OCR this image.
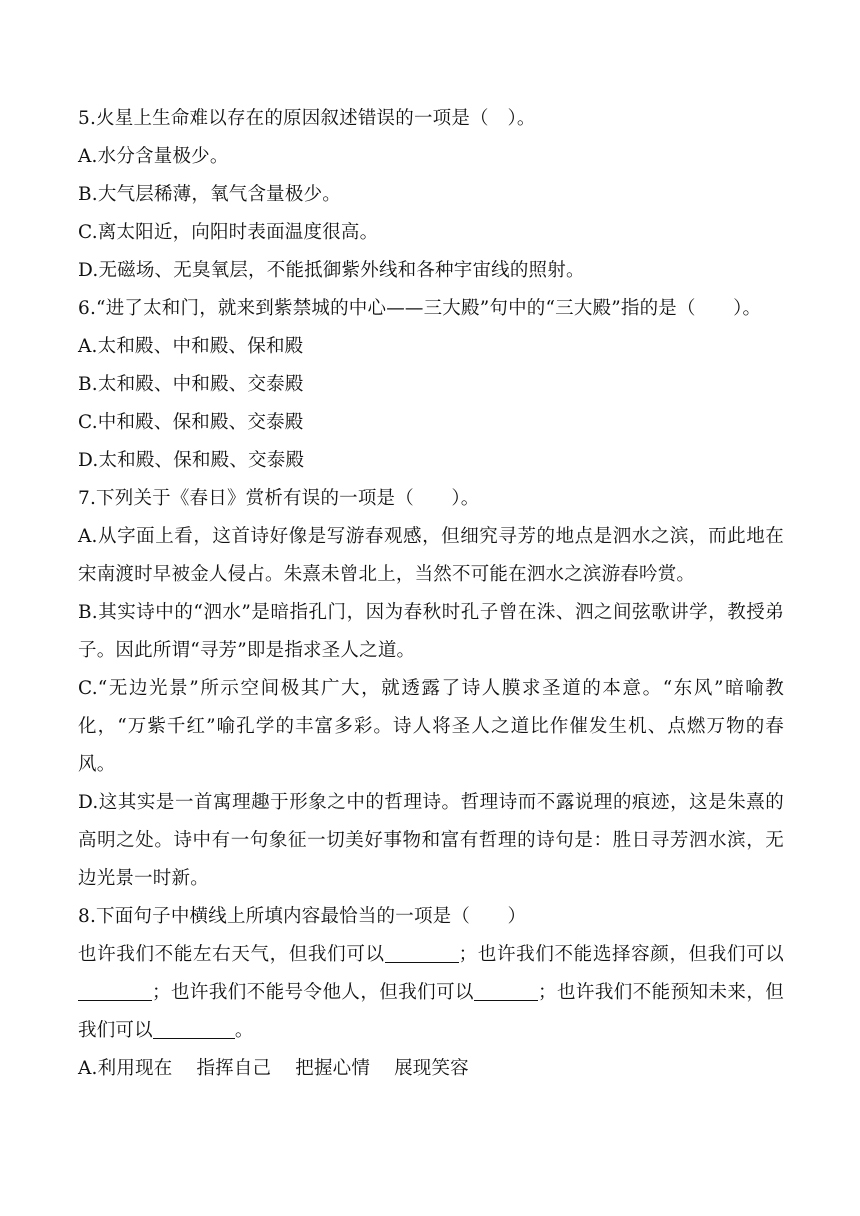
5.火星上生命难以存在的原因叙述错误的一项是（　）。
A.水分含量极少。
B.大气层稀薄，氧气含量极少。
C.离太阳近，向阳时表面温度很高。
D.无磁场、无臭氧层，不能抵御紫外线和各种宇宙线的照射。
6.“进了太和门，就来到紫禁城的中心——三大殿”句中的“三大殿”指的是（　　）。
A.太和殿、中和殿、保和殿
B.太和殿、中和殿、交泰殿
C.中和殿、保和殿、交泰殿
D.太和殿、保和殿、交泰殿
7.下列关于《春日》赏析有误的一项是（　　）。
A.从字面上看，这首诗好像是写游春观感，但细究寻芳的地点是泗水之滨，而此地在宋南渡时早被金人侵占。朱熹未曾北上，当然不可能在泗水之滨游春吟赏。
B.其实诗中的“泗水”是暗指孔门，因为春秋时孔子曾在洙、泗之间弦歌讲学，教授弟子。因此所谓“寻芳”即是指求圣人之道。
C.“无边光景”所示空间极其广大，就透露了诗人膜求圣道的本意。“东风”暗喻教化，“万紫千红”喻孔学的丰富多彩。诗人将圣人之道比作催发生机、点燃万物的春风。
D.这其实是一首寓理趣于形象之中的哲理诗。哲理诗而不露说理的痕迹，这是朱熹的高明之处。诗中有一句象征一切美好事物和富有哲理的诗句是：胜日寻芳泗水滨，无边光景一时新。
8.下面句子中横线上所填内容最恰当的一项是（　　）
也许我们不能左右天气，但我们可以	；也许我们不能选择容颜，但我们可以；也许我们不能号令他人，但我们可以	；也许我们不能预知未来，但我们可以	。
A.利用现在 指挥自己 把握心情 展现笑容
